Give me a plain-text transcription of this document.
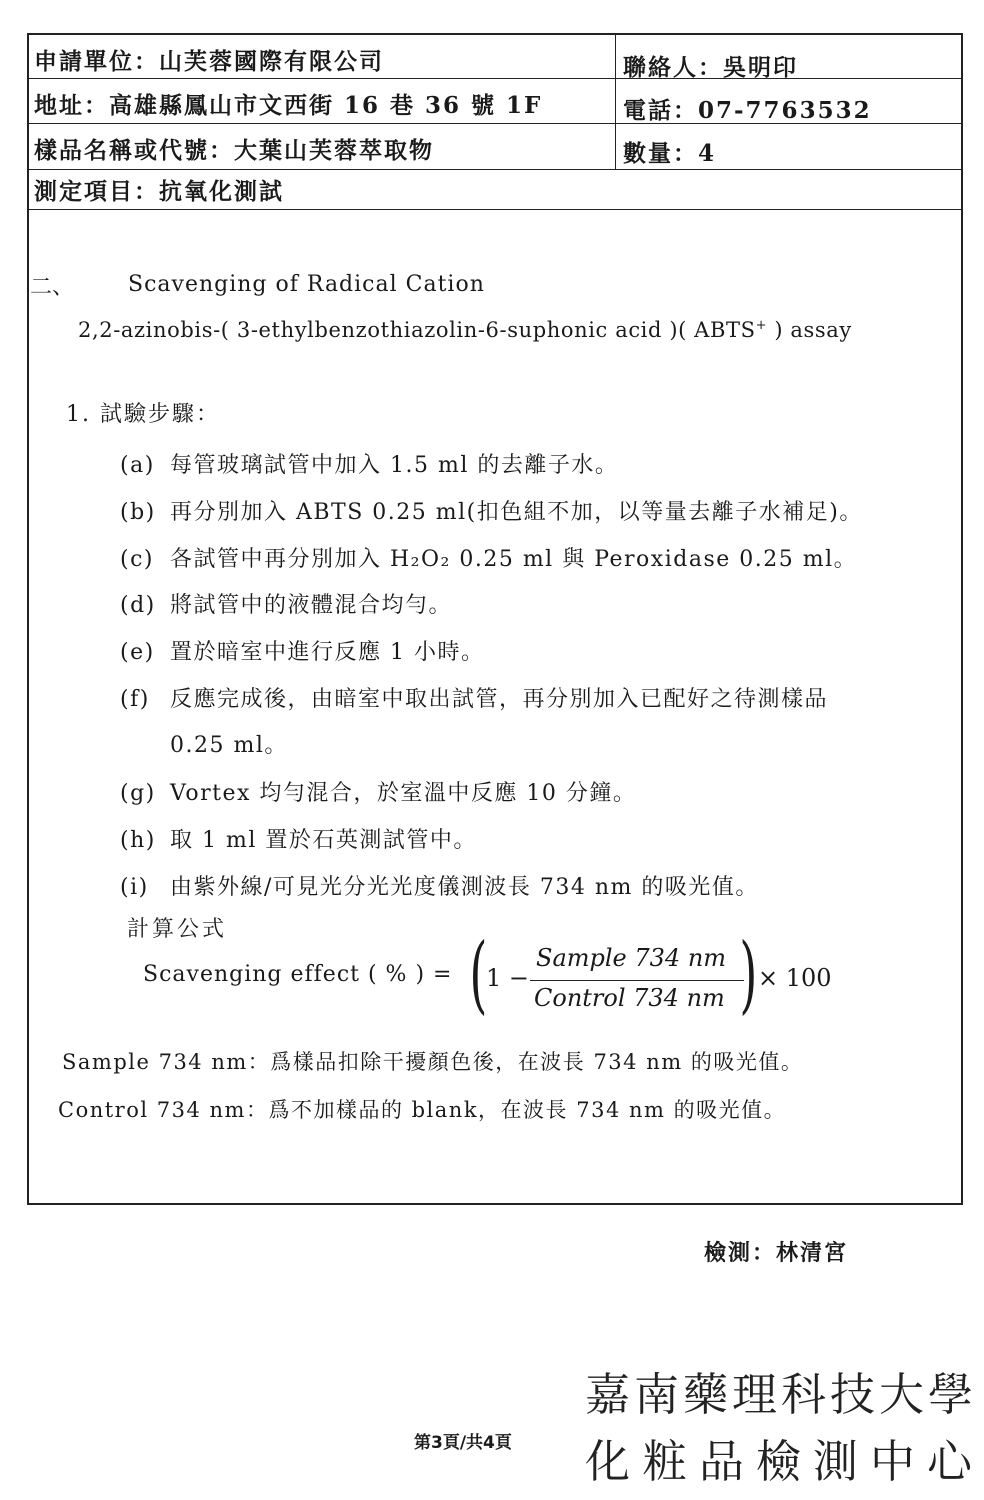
申請單位：山芙蓉國際有限公司	聯絡人：吳明印
地址：高雄縣鳳山市文西街 16 巷 36 號 1F	電話：07-7763532
樣品名稱或代號：大葉山芙蓉萃取物	數量：4
測定項目：抗氧化測試
二、 Scavenging of Radical Cation
2,2-azinobis-( 3-ethylbenzothiazolin-6-suphonic acid )( ABTS+ ) assay
1. 試驗步驟：
(a) 每管玻璃試管中加入 1.5 ml 的去離子水。
(b) 再分別加入 ABTS 0.25 ml(扣色組不加，以等量去離子水補足)。
(c) 各試管中再分別加入 H₂O₂ 0.25 ml 與 Peroxidase 0.25 ml。
(d) 將試管中的液體混合均勻。
(e) 置於暗室中進行反應 1 小時。
(f) 反應完成後，由暗室中取出試管，再分別加入已配好之待測樣品
0.25 ml。
(g) Vortex 均勻混合，於室溫中反應 10 分鐘。
(h) 取 1 ml 置於石英測試管中。
(i) 由紫外線/可見光分光光度儀測波長 734 nm 的吸光值。
計算公式
Scavenging effect ( % ) = (
1 −
Sample 734 nm
Control 734 nm ) × 100
Sample 734 nm：爲樣品扣除干擾顏色後，在波長 734 nm 的吸光值。
Control 734 nm：爲不加樣品的 blank，在波長 734 nm 的吸光值。
檢測：林清宮
第3頁/共4頁
嘉南藥理科技大學
化粧品檢測中心
